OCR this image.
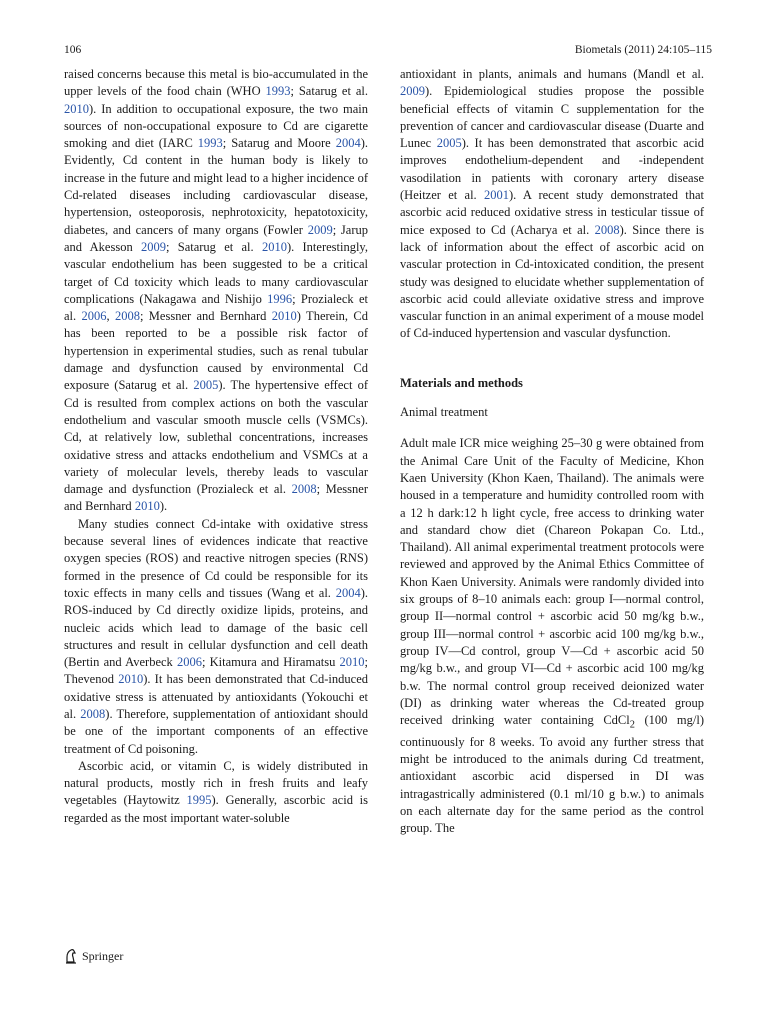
106	Biometals (2011) 24:105–115

raised concerns because this metal is bio-accumulated in the upper levels of the food chain (WHO 1993; Satarug et al. 2010). In addition to occupational exposure, the two main sources of non-occupational exposure to Cd are cigarette smoking and diet (IARC 1993; Satarug and Moore 2004). Evidently, Cd content in the human body is likely to increase in the future and might lead to a higher incidence of Cd-related diseases including cardiovascular disease, hypertension, osteoporosis, nephrotoxicity, hepatotoxicity, diabetes, and cancers of many organs (Fowler 2009; Jarup and Akesson 2009; Satarug et al. 2010). Interestingly, vascular endothelium has been suggested to be a critical target of Cd toxicity which leads to many cardiovascular complications (Nakagawa and Nishijo 1996; Prozialeck et al. 2006, 2008; Messner and Bernhard 2010) Therein, Cd has been reported to be a possible risk factor of hypertension in experimental studies, such as renal tubular damage and dysfunction caused by environmental Cd exposure (Satarug et al. 2005). The hypertensive effect of Cd is resulted from complex actions on both the vascular endothelium and vascular smooth muscle cells (VSMCs). Cd, at relatively low, sublethal concentrations, increases oxidative stress and attacks endothelium and VSMCs at a variety of molecular levels, thereby leads to vascular damage and dysfunction (Prozialeck et al. 2008; Messner and Bernhard 2010).

Many studies connect Cd-intake with oxidative stress because several lines of evidences indicate that reactive oxygen species (ROS) and reactive nitrogen species (RNS) formed in the presence of Cd could be responsible for its toxic effects in many cells and tissues (Wang et al. 2004). ROS-induced by Cd directly oxidize lipids, proteins, and nucleic acids which lead to damage of the basic cell structures and result in cellular dysfunction and cell death (Bertin and Averbeck 2006; Kitamura and Hiramatsu 2010; Thevenod 2010). It has been demonstrated that Cd-induced oxidative stress is attenuated by antioxidants (Yokouchi et al. 2008). Therefore, supplementation of antioxidant should be one of the important components of an effective treatment of Cd poisoning.

Ascorbic acid, or vitamin C, is widely distributed in natural products, mostly rich in fresh fruits and leafy vegetables (Haytowitz 1995). Generally, ascorbic acid is regarded as the most important water-soluble

antioxidant in plants, animals and humans (Mandl et al. 2009). Epidemiological studies propose the possible beneficial effects of vitamin C supplementation for the prevention of cancer and cardiovascular disease (Duarte and Lunec 2005). It has been demonstrated that ascorbic acid improves endothelium-dependent and -independent vasodilation in patients with coronary artery disease (Heitzer et al. 2001). A recent study demonstrated that ascorbic acid reduced oxidative stress in testicular tissue of mice exposed to Cd (Acharya et al. 2008). Since there is lack of information about the effect of ascorbic acid on vascular protection in Cd-intoxicated condition, the present study was designed to elucidate whether supplementation of ascorbic acid could alleviate oxidative stress and improve vascular function in an animal experiment of a mouse model of Cd-induced hypertension and vascular dysfunction.

Materials and methods

Animal treatment

Adult male ICR mice weighing 25–30 g were obtained from the Animal Care Unit of the Faculty of Medicine, Khon Kaen University (Khon Kaen, Thailand). The animals were housed in a temperature and humidity controlled room with a 12 h dark:12 h light cycle, free access to drinking water and standard chow diet (Chareon Pokapan Co. Ltd., Thailand). All animal experimental treatment protocols were reviewed and approved by the Animal Ethics Committee of Khon Kaen University. Animals were randomly divided into six groups of 8–10 animals each: group I—normal control, group II—normal control + ascorbic acid 50 mg/kg b.w., group III—normal control + ascorbic acid 100 mg/kg b.w., group IV—Cd control, group V—Cd + ascorbic acid 50 mg/kg b.w., and group VI—Cd + ascorbic acid 100 mg/kg b.w. The normal control group received deionized water (DI) as drinking water whereas the Cd-treated group received drinking water containing CdCl$_2$ (100 mg/l) continuously for 8 weeks. To avoid any further stress that might be introduced to the animals during Cd treatment, antioxidant ascorbic acid dispersed in DI was intragastrically administered (0.1 ml/10 g b.w.) to animals on each alternate day for the same period as the control group. The

Springer
